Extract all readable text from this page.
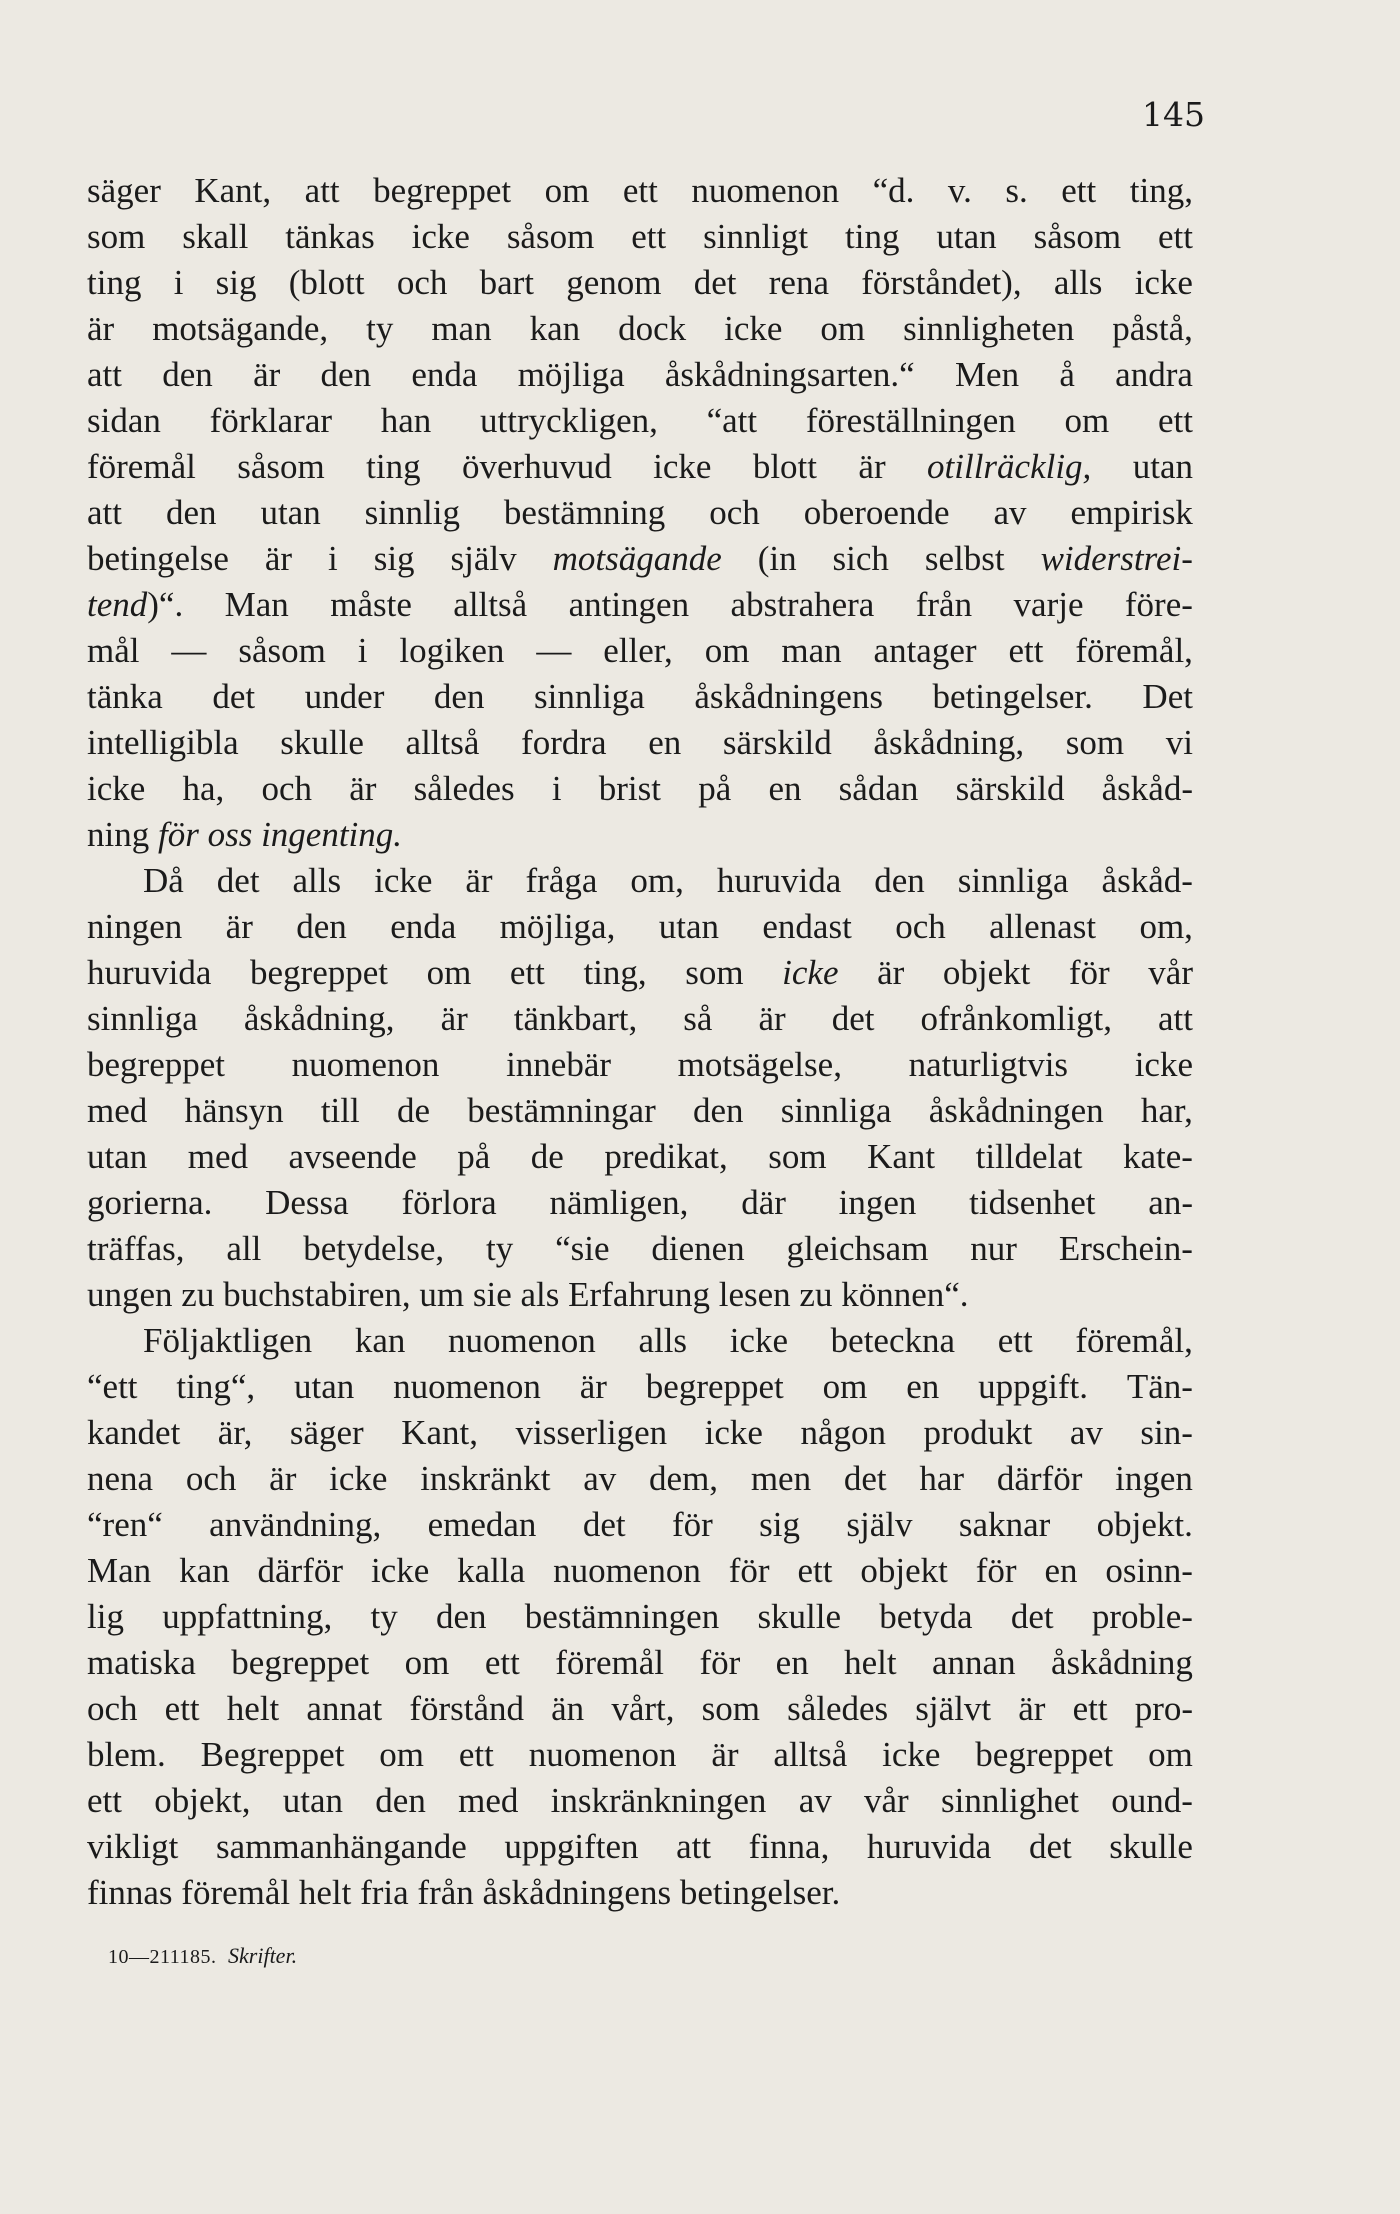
145

säger Kant, att begreppet om ett nuomenon “d. v. s. ett ting,
som skall tänkas icke såsom ett sinnligt ting utan såsom ett
ting i sig (blott och bart genom det rena förståndet), alls icke
är motsägande, ty man kan dock icke om sinnligheten påstå,
att den är den enda möjliga åskådningsarten.“ Men å andra
sidan förklarar han uttryckligen, “att föreställningen om ett
föremål såsom ting överhuvud icke blott är otillräcklig, utan
att den utan sinnlig bestämning och oberoende av empirisk
betingelse är i sig själv motsägande (in sich selbst widerstrei-
tend)“. Man måste alltså antingen abstrahera från varje före-
mål — såsom i logiken — eller, om man antager ett föremål,
tänka det under den sinnliga åskådningens betingelser. Det
intelligibla skulle alltså fordra en särskild åskådning, som vi
icke ha, och är således i brist på en sådan särskild åskåd-
ning för oss ingenting.

Då det alls icke är fråga om, huruvida den sinnliga åskåd-
ningen är den enda möjliga, utan endast och allenast om,
huruvida begreppet om ett ting, som icke är objekt för vår
sinnliga åskådning, är tänkbart, så är det ofrånkomligt, att
begreppet nuomenon innebär motsägelse, naturligtvis icke
med hänsyn till de bestämningar den sinnliga åskådningen har,
utan med avseende på de predikat, som Kant tilldelat kate-
gorierna. Dessa förlora nämligen, där ingen tidsenhet an-
träffas, all betydelse, ty “sie dienen gleichsam nur Erschein-
ungen zu buchstabiren, um sie als Erfahrung lesen zu können“.

Följaktligen kan nuomenon alls icke beteckna ett föremål,
“ett ting“, utan nuomenon är begreppet om en uppgift. Tän-
kandet är, säger Kant, visserligen icke någon produkt av sin-
nena och är icke inskränkt av dem, men det har därför ingen
“ren“ användning, emedan det för sig själv saknar objekt.
Man kan därför icke kalla nuomenon för ett objekt för en osinn-
lig uppfattning, ty den bestämningen skulle betyda det proble-
matiska begreppet om ett föremål för en helt annan åskådning
och ett helt annat förstånd än vårt, som således självt är ett pro-
blem. Begreppet om ett nuomenon är alltså icke begreppet om
ett objekt, utan den med inskränkningen av vår sinnlighet ound-
vikligt sammanhängande uppgiften att finna, huruvida det skulle
finnas föremål helt fria från åskådningens betingelser.

10—211185. Skrifter.
